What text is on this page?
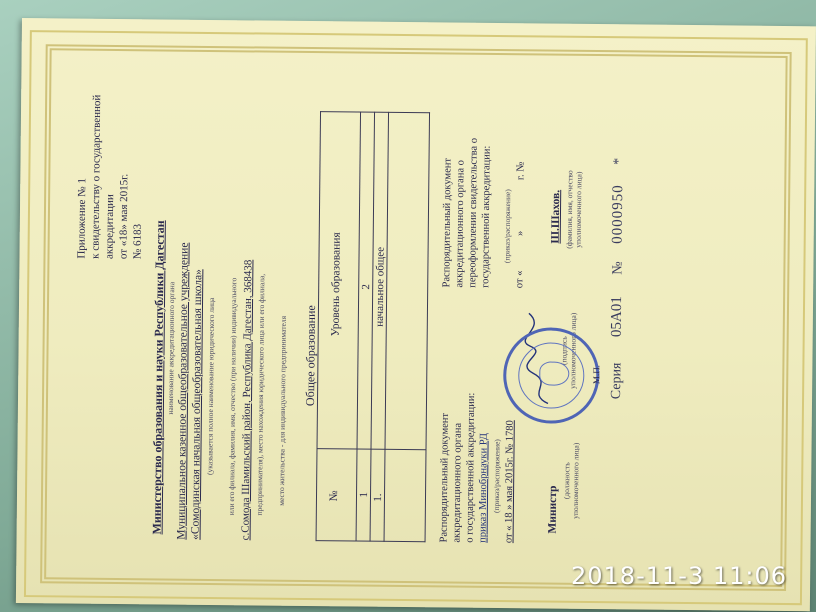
Приложение № 1 к свидетельству о государственной аккредитации от «18» мая 2015г. № 6183 Министерство образования и науки Республики Дагестан
наименование аккредитационного органа Муниципальное казенное общеобразовательное учреждение
«Сомодинская начальная общеобразовательная школа» (указывается полное наименование юридического лица или его филиала, фамилия, имя, отчество (при наличии) индивидуального с.Сомода Шамильский район, Республика Дагестан, 368438 предпринимателя), место нахождения юридического лица или его филиала, место жительства - для индивидуального предпринимателя Общее образование
№
Уровень образования
1
2
1.
начальное общее
Распорядительный документ аккредитационного органа о государственной аккредитации: приказ Минобрнауки РД (приказ/распоряжение) от « 18 » мая 2015г. № 1780
Распорядительный документ аккредитационного органа о переоформлении свидетельства о государственной аккредитации:	(приказ/распоряжение)
от « » г. №
Министр
(должность уполномоченного лица)
(подпись уполномоченного лица) М.П.
Ш.Шахов. (фамилия, имя, отчество уполномоченного лица)
Серия 05А01 № 0000950 *
2018-11-3 11:06
